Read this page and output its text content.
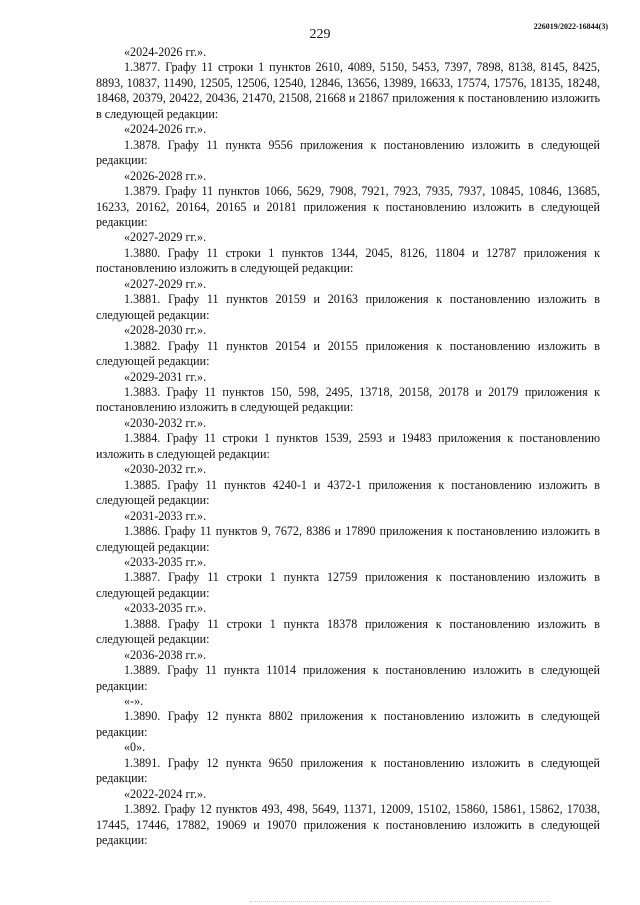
226019/2022-16844(3)
229

«2024-2026 гг.».

1.3877. Графу 11 строки 1 пунктов 2610, 4089, 5150, 5453, 7397, 7898, 8138, 8145, 8425, 8893, 10837, 11490, 12505, 12506, 12540, 12846, 13656, 13989, 16633, 17574, 17576, 18135, 18248, 18468, 20379, 20422, 20436, 21470, 21508, 21668 и 21867 приложения к постановлению изложить в следующей редакции:

«2024-2026 гг.».

1.3878. Графу 11 пункта 9556 приложения к постановлению изложить в следующей редакции:

«2026-2028 гг.».

1.3879. Графу 11 пунктов 1066, 5629, 7908, 7921, 7923, 7935, 7937, 10845, 10846, 13685, 16233, 20162, 20164, 20165 и 20181 приложения к постановлению изложить в следующей редакции:

«2027-2029 гг.».

1.3880. Графу 11 строки 1 пунктов 1344, 2045, 8126, 11804 и 12787 приложения к постановлению изложить в следующей редакции:

«2027-2029 гг.».

1.3881. Графу 11 пунктов 20159 и 20163 приложения к постановлению изложить в следующей редакции:

«2028-2030 гг.».

1.3882. Графу 11 пунктов 20154 и 20155 приложения к постановлению изложить в следующей редакции:

«2029-2031 гг.».

1.3883. Графу 11 пунктов 150, 598, 2495, 13718, 20158, 20178 и 20179 приложения к постановлению изложить в следующей редакции:

«2030-2032 гг.».

1.3884. Графу 11 строки 1 пунктов 1539, 2593 и 19483 приложения к постановлению изложить в следующей редакции:

«2030-2032 гг.».

1.3885. Графу 11 пунктов 4240-1 и 4372-1 приложения к постановлению изложить в следующей редакции:

«2031-2033 гг.».

1.3886. Графу 11 пунктов 9, 7672, 8386 и 17890 приложения к постановлению изложить в следующей редакции:

«2033-2035 гг.».

1.3887. Графу 11 строки 1 пункта 12759 приложения к постановлению изложить в следующей редакции:

«2033-2035 гг.».

1.3888. Графу 11 строки 1 пункта 18378 приложения к постановлению изложить в следующей редакции:

«2036-2038 гг.».

1.3889. Графу 11 пункта 11014 приложения к постановлению изложить в следующей редакции:

«-».

1.3890. Графу 12 пункта 8802 приложения к постановлению изложить в следующей редакции:

«0».

1.3891. Графу 12 пункта 9650 приложения к постановлению изложить в следующей редакции:

«2022-2024 гг.».

1.3892. Графу 12 пунктов 493, 498, 5649, 11371, 12009, 15102, 15860, 15861, 15862, 17038, 17445, 17446, 17882, 19069 и 19070 приложения к постановлению изложить в следующей редакции:
